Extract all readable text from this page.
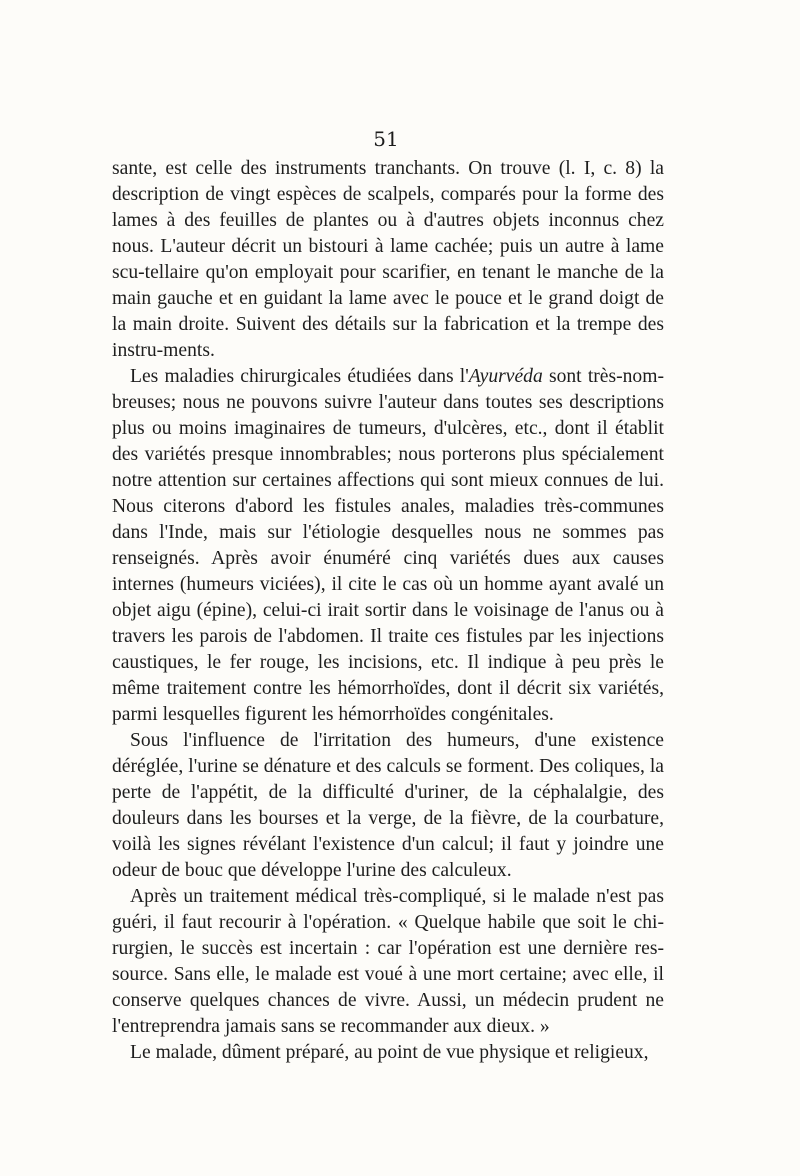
51

sante, est celle des instruments tranchants. On trouve (l. I, c. 8) la description de vingt espèces de scalpels, comparés pour la forme des lames à des feuilles de plantes ou à d'autres objets inconnus chez nous. L'auteur décrit un bistouri à lame cachée; puis un autre à lame scu-tellaire qu'on employait pour scarifier, en tenant le manche de la main gauche et en guidant la lame avec le pouce et le grand doigt de la main droite. Suivent des détails sur la fabrication et la trempe des instru-ments.

Les maladies chirurgicales étudiées dans l'Ayurvéda sont très-nom-breuses; nous ne pouvons suivre l'auteur dans toutes ses descriptions plus ou moins imaginaires de tumeurs, d'ulcères, etc., dont il établit des variétés presque innombrables; nous porterons plus spécialement notre attention sur certaines affections qui sont mieux connues de lui. Nous citerons d'abord les fistules anales, maladies très-communes dans l'Inde, mais sur l'étiologie desquelles nous ne sommes pas renseignés. Après avoir énuméré cinq variétés dues aux causes internes (humeurs viciées), il cite le cas où un homme ayant avalé un objet aigu (épine), celui-ci irait sortir dans le voisinage de l'anus ou à travers les parois de l'abdomen. Il traite ces fistules par les injections caustiques, le fer rouge, les incisions, etc. Il indique à peu près le même traitement contre les hémorrhoïdes, dont il décrit six variétés, parmi lesquelles figurent les hémorrhoïdes congénitales.

Sous l'influence de l'irritation des humeurs, d'une existence déréglée, l'urine se dénature et des calculs se forment. Des coliques, la perte de l'appétit, de la difficulté d'uriner, de la céphalalgie, des douleurs dans les bourses et la verge, de la fièvre, de la courbature, voilà les signes révélant l'existence d'un calcul; il faut y joindre une odeur de bouc que développe l'urine des calculeux.

Après un traitement médical très-compliqué, si le malade n'est pas guéri, il faut recourir à l'opération. « Quelque habile que soit le chi-rurgien, le succès est incertain : car l'opération est une dernière res-source. Sans elle, le malade est voué à une mort certaine; avec elle, il conserve quelques chances de vivre. Aussi, un médecin prudent ne l'entreprendra jamais sans se recommander aux dieux. »

Le malade, dûment préparé, au point de vue physique et religieux,
